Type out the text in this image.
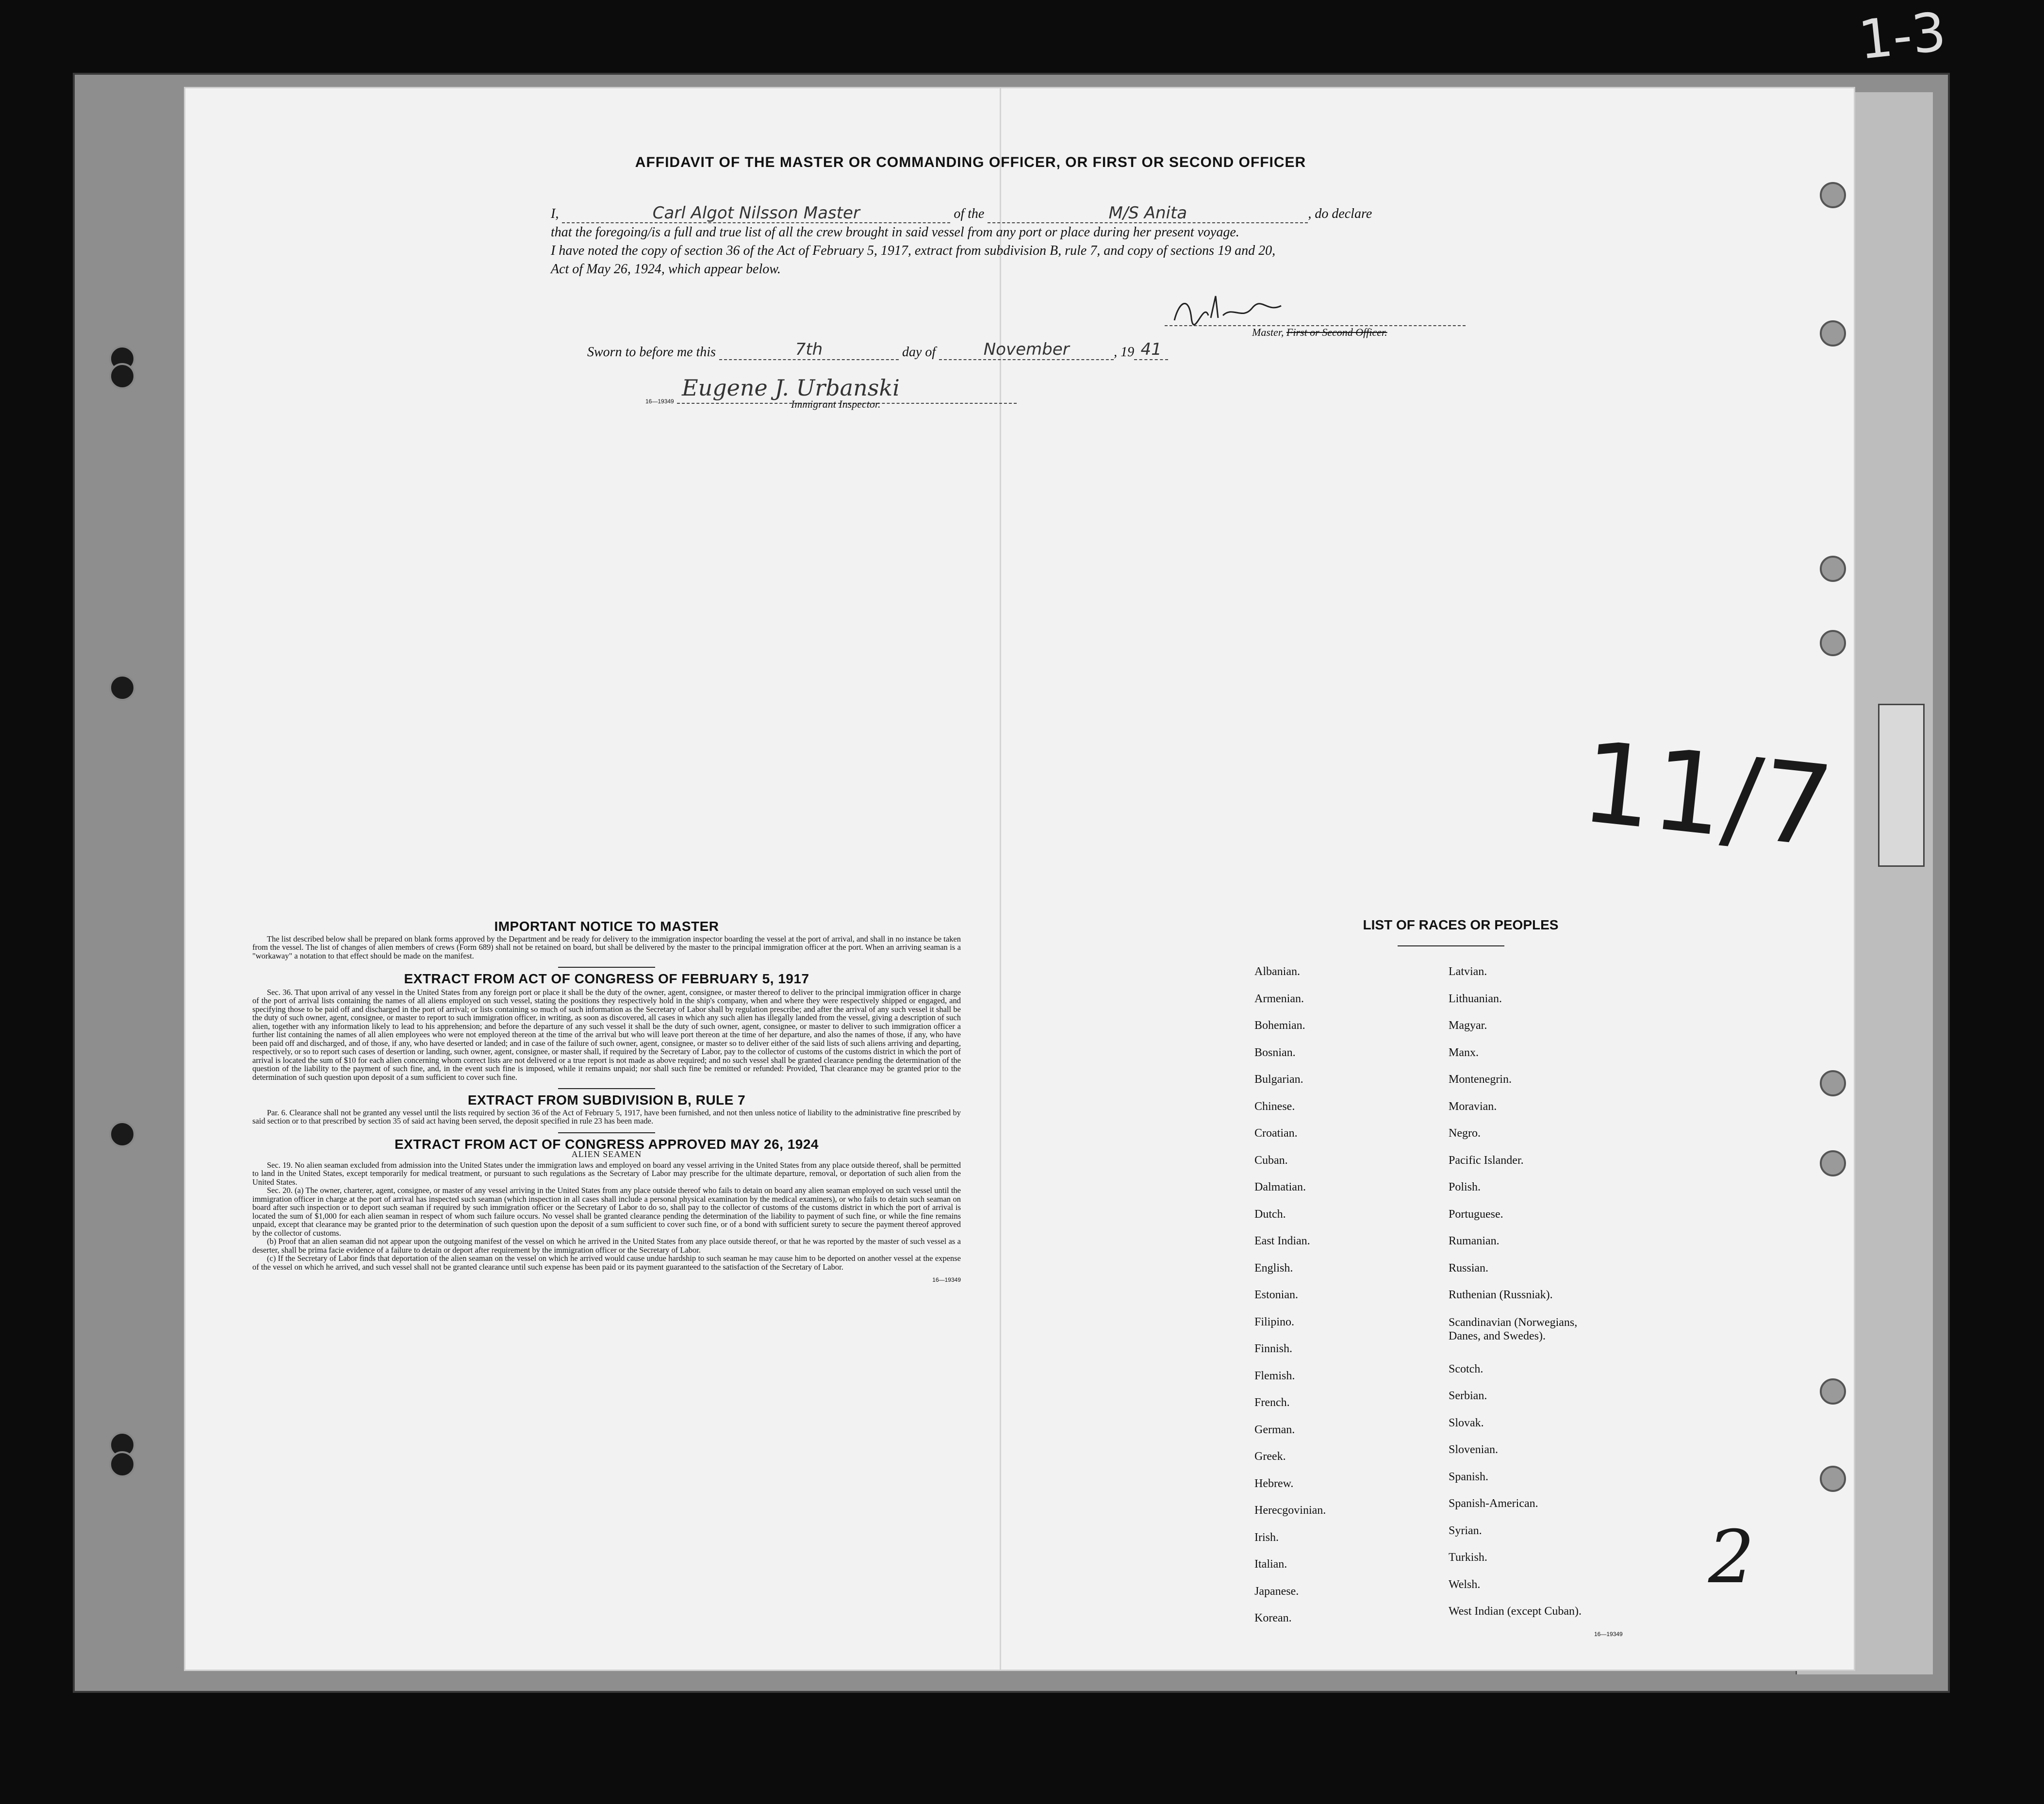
1-3
AFFIDAVIT OF THE MASTER OR COMMANDING OFFICER, OR FIRST OR SECOND OFFICER
I,	Carl Algot Nilsson Master	of the	M/S Anita	, do declare
that the foregoing/is a full and true list of all the crew brought in said vessel from any port or place during her present voyage.
I have noted the copy of section 36 of the Act of February 5, 1917, extract from subdivision B, rule 7, and copy of sections 19 and 20,
Act of May 26, 1924, which appear below.
Master, First or Second Officer.
Sworn to before me this	7th	day of	November	, 19 41
Eugene J. Urbanski
16—19349	Immigrant Inspector.
11/7
2
IMPORTANT NOTICE TO MASTER

The list described below shall be prepared on blank forms approved by the Department and be ready for delivery to the immigration inspector boarding the vessel at the port of arrival, and shall in no instance be taken from the vessel. The list of changes of alien members of crews (Form 689) shall not be retained on board, but shall be delivered by the master to the principal immigration officer at the port. When an arriving seaman is a "workaway" a notation to that effect should be made on the manifest.

EXTRACT FROM ACT OF CONGRESS OF FEBRUARY 5, 1917

Sec. 36. That upon arrival of any vessel in the United States from any foreign port or place it shall be the duty of the owner, agent, consignee, or master thereof to deliver to the principal immigration officer in charge of the port of arrival lists containing the names of all aliens employed on such vessel, stating the positions they respectively hold in the ship's company, when and where they were respectively shipped or engaged, and specifying those to be paid off and discharged in the port of arrival; or lists containing so much of such information as the Secretary of Labor shall by regulation prescribe; and after the arrival of any such vessel it shall be the duty of such owner, agent, consignee, or master to report to such immigration officer, in writing, as soon as discovered, all cases in which any such alien has illegally landed from the vessel, giving a description of such alien, together with any information likely to lead to his apprehension; and before the departure of any such vessel it shall be the duty of such owner, agent, consignee, or master to deliver to such immigration officer a further list containing the names of all alien employees who were not employed thereon at the time of the arrival but who will leave port thereon at the time of her departure, and also the names of those, if any, who have been paid off and discharged, and of those, if any, who have deserted or landed; and in case of the failure of such owner, agent, consignee, or master so to deliver either of the said lists of such aliens arriving and departing, respectively, or so to report such cases of desertion or landing, such owner, agent, consignee, or master shall, if required by the Secretary of Labor, pay to the collector of customs of the customs district in which the port of arrival is located the sum of $10 for each alien concerning whom correct lists are not delivered or a true report is not made as above required; and no such vessel shall be granted clearance pending the determination of the question of the liability to the payment of such fine, and, in the event such fine is imposed, while it remains unpaid; nor shall such fine be remitted or refunded: Provided, That clearance may be granted prior to the determination of such question upon deposit of a sum sufficient to cover such fine.

EXTRACT FROM SUBDIVISION B, RULE 7

Par. 6. Clearance shall not be granted any vessel until the lists required by section 36 of the Act of February 5, 1917, have been furnished, and not then unless notice of liability to the administrative fine prescribed by said section or to that prescribed by section 35 of said act having been served, the deposit specified in rule 23 has been made.

EXTRACT FROM ACT OF CONGRESS APPROVED MAY 26, 1924
ALIEN SEAMEN

Sec. 19. No alien seaman excluded from admission into the United States under the immigration laws and employed on board any vessel arriving in the United States from any place outside thereof, shall be permitted to land in the United States, except temporarily for medical treatment, or pursuant to such regulations as the Secretary of Labor may prescribe for the ultimate departure, removal, or deportation of such alien from the United States.

Sec. 20. (a) The owner, charterer, agent, consignee, or master of any vessel arriving in the United States from any place outside thereof who fails to detain on board any alien seaman employed on such vessel until the immigration officer in charge at the port of arrival has inspected such seaman (which inspection in all cases shall include a personal physical examination by the medical examiners), or who fails to detain such seaman on board after such inspection or to deport such seaman if required by such immigration officer or the Secretary of Labor to do so, shall pay to the collector of customs of the customs district in which the port of arrival is located the sum of $1,000 for each alien seaman in respect of whom such failure occurs. No vessel shall be granted clearance pending the determination of the liability to payment of such fine, or while the fine remains unpaid, except that clearance may be granted prior to the determination of such question upon the deposit of a sum sufficient to cover such fine, or of a bond with sufficient surety to secure the payment thereof approved by the collector of customs.

(b) Proof that an alien seaman did not appear upon the outgoing manifest of the vessel on which he arrived in the United States from any place outside thereof, or that he was reported by the master of such vessel as a deserter, shall be prima facie evidence of a failure to detain or deport after requirement by the immigration officer or the Secretary of Labor.

(c) If the Secretary of Labor finds that deportation of the alien seaman on the vessel on which he arrived would cause undue hardship to such seaman he may cause him to be deported on another vessel at the expense of the vessel on which he arrived, and such vessel shall not be granted clearance until such expense has been paid or its payment guaranteed to the satisfaction of the Secretary of Labor.

16—19349
LIST OF RACES OR PEOPLES
Albanian.
Armenian.
Bohemian.
Bosnian.
Bulgarian.
Chinese.
Croatian.
Cuban.
Dalmatian.
Dutch.
East Indian.
English.
Estonian.
Filipino.
Finnish.
Flemish.
French.
German.
Greek.
Hebrew.
Herecgovinian.
Irish.
Italian.
Japanese.
Korean.
Latvian.
Lithuanian.
Magyar.
Manx.
Montenegrin.
Moravian.
Negro.
Pacific Islander.
Polish.
Portuguese.
Rumanian.
Russian.
Ruthenian (Russniak).
Scandinavian (Norwegians,
Danes, and Swedes).
Scotch.
Serbian.
Slovak.
Slovenian.
Spanish.
Spanish-American.
Syrian.
Turkish.
Welsh.
West Indian (except Cuban).
16—19349
